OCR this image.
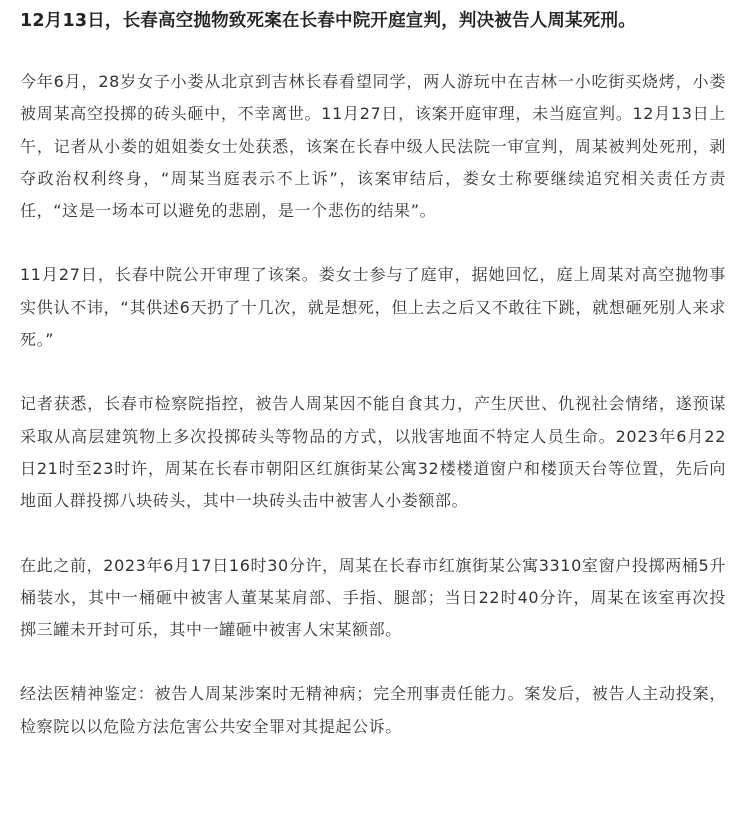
12月13日，长春高空抛物致死案在长春中院开庭宣判，判决被告人周某死刑。

今年6月，28岁女子小娄从北京到吉林长春看望同学，两人游玩中在吉林一小吃街买烧烤，小娄被周某高空投掷的砖头砸中，不幸离世。11月27日，该案开庭审理，未当庭宣判。12月13日上午，记者从小娄的姐姐娄女士处获悉，该案在长春中级人民法院一审宣判，周某被判处死刑，剥夺政治权利终身，“周某当庭表示不上诉”，该案审结后，娄女士称要继续追究相关责任方责任，“这是一场本可以避免的悲剧，是一个悲伤的结果”。

11月27日，长春中院公开审理了该案。娄女士参与了庭审，据她回忆，庭上周某对高空抛物事实供认不讳，“其供述6天扔了十几次，就是想死，但上去之后又不敢往下跳，就想砸死别人来求死。”

记者获悉，长春市检察院指控，被告人周某因不能自食其力，产生厌世、仇视社会情绪，遂预谋采取从高层建筑物上多次投掷砖头等物品的方式，以戕害地面不特定人员生命。2023年6月22日21时至23时许，周某在长春市朝阳区红旗街某公寓32楼楼道窗户和楼顶天台等位置，先后向地面人群投掷八块砖头，其中一块砖头击中被害人小娄额部。

在此之前，2023年6月17日16时30分许，周某在长春市红旗街某公寓3310室窗户投掷两桶5升桶装水，其中一桶砸中被害人董某某肩部、手指、腿部；当日22时40分许，周某在该室再次投掷三罐未开封可乐，其中一罐砸中被害人宋某额部。

经法医精神鉴定：被告人周某涉案时无精神病；完全刑事责任能力。案发后，被告人主动投案，检察院以以危险方法危害公共安全罪对其提起公诉。
